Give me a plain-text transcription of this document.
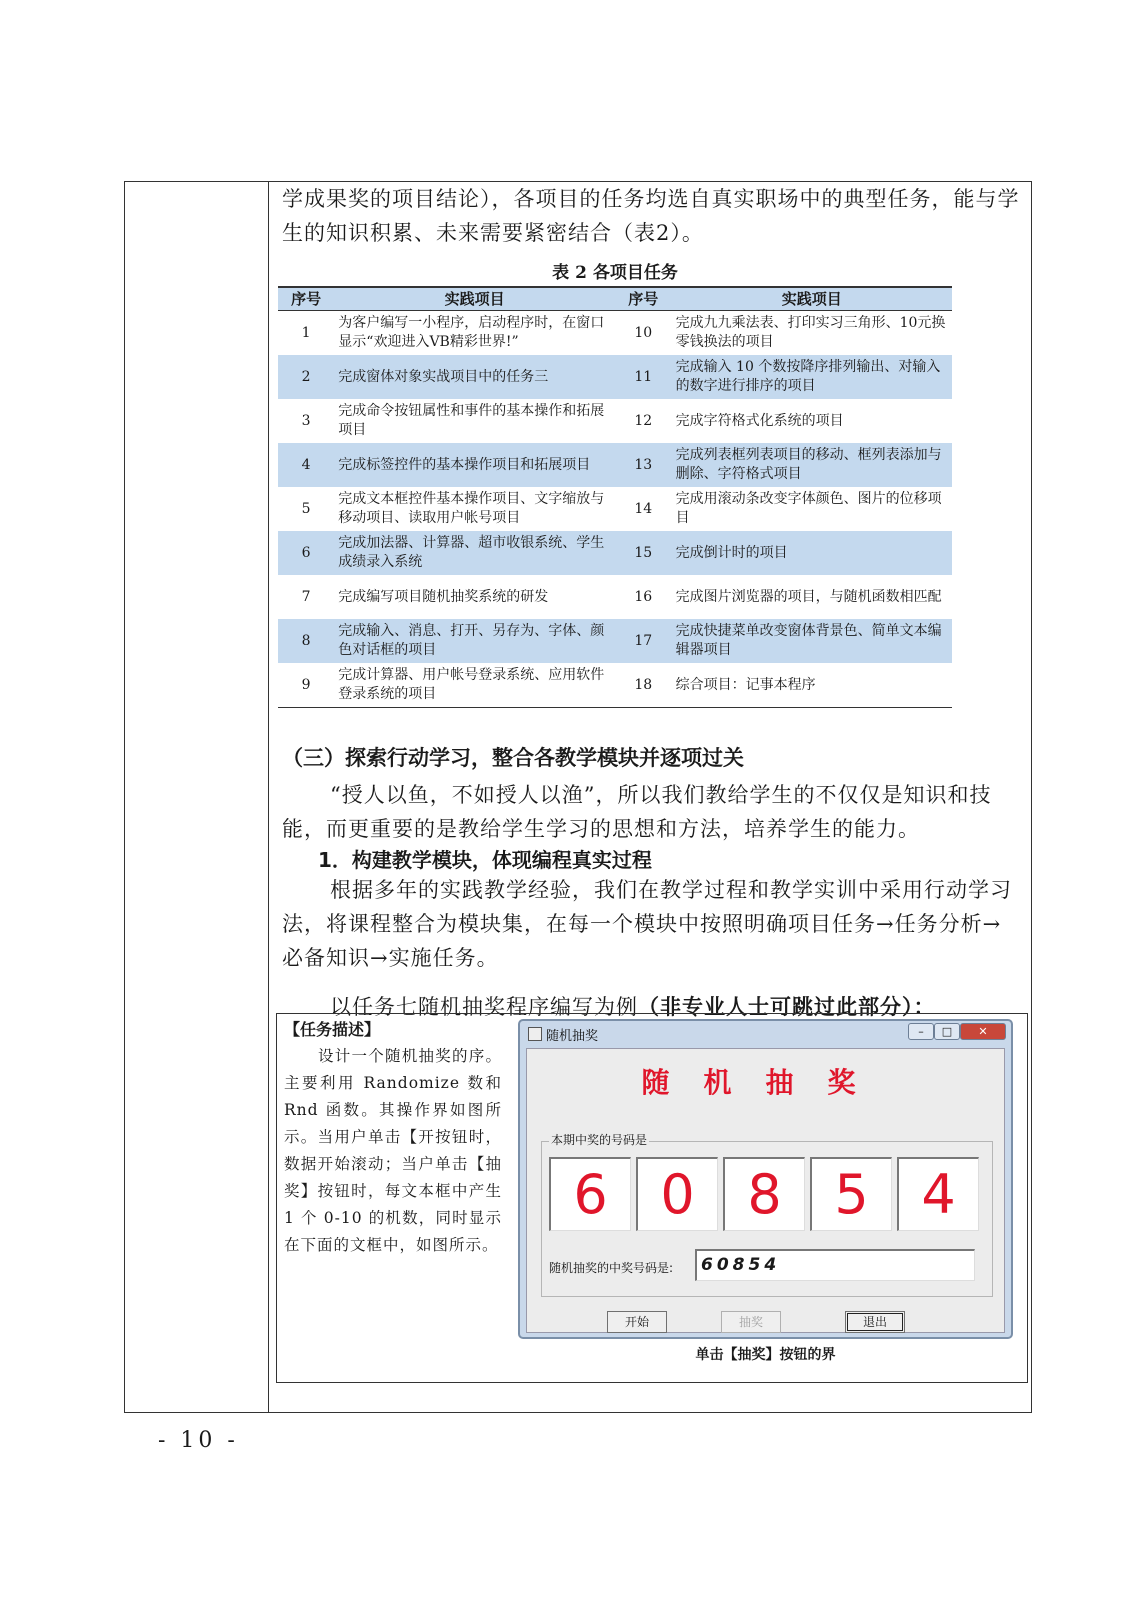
学成果奖的项目结论），各项目的任务均选自真实职场中的典型任务，能与学生的知识积累、未来需要紧密结合（表2）。

表 2 各项目任务
序号	实践项目	序号	实践项目
1	为客户编写一小程序，启动程序时，在窗口显示“欢迎进入VB精彩世界!”	10	完成九九乘法表、打印实习三角形、10元换零钱换法的项目
2	完成窗体对象实战项目中的任务三	11	完成输入 10 个数按降序排列输出、对输入的数字进行排序的项目
3	完成命令按钮属性和事件的基本操作和拓展项目	12	完成字符格式化系统的项目
4	完成标签控件的基本操作项目和拓展项目	13	完成列表框列表项目的移动、框列表添加与删除、字符格式项目
5	完成文本框控件基本操作项目、文字缩放与移动项目、读取用户帐号项目	14	完成用滚动条改变字体颜色、图片的位移项目
6	完成加法器、计算器、超市收银系统、学生成绩录入系统	15	完成倒计时的项目
7	完成编写项目随机抽奖系统的研发	16	完成图片浏览器的项目，与随机函数相匹配
8	完成输入、消息、打开、另存为、字体、颜色对话框的项目	17	完成快捷菜单改变窗体背景色、简单文本编辑器项目
9	完成计算器、用户帐号登录系统、应用软件登录系统的项目	18	综合项目：记事本程序
（三）探索行动学习，整合各教学模块并逐项过关

“授人以鱼，不如授人以渔”，所以我们教给学生的不仅仅是知识和技能，而更重要的是教给学生学习的思想和方法，培养学生的能力。

1．构建教学模块，体现编程真实过程

根据多年的实践教学经验，我们在教学过程和教学实训中采用行动学习法，将课程整合为模块集，在每一个模块中按照明确项目任务→任务分析→必备知识→实施任务。

以任务七随机抽奖程序编写为例（非专业人士可跳过此部分）：

【任务描述】
设计一个随机抽奖的序。主要利用 Randomize 数和 Rnd 函数。其操作界如图所示。当用户单击【开按钮时，数据开始滚动；当户单击【抽奖】按钮时，每文本框中产生 1 个 0-10 的机数，同时显示在下面的文框中，如图所示。
随机抽奖	–	□	✕
随机抽奖
本期中奖的号码是
6 0 8 5 4
随机抽奖的中奖号码是:	60854
开始	抽奖	退出
单击【抽奖】按钮的界
- 10 -
